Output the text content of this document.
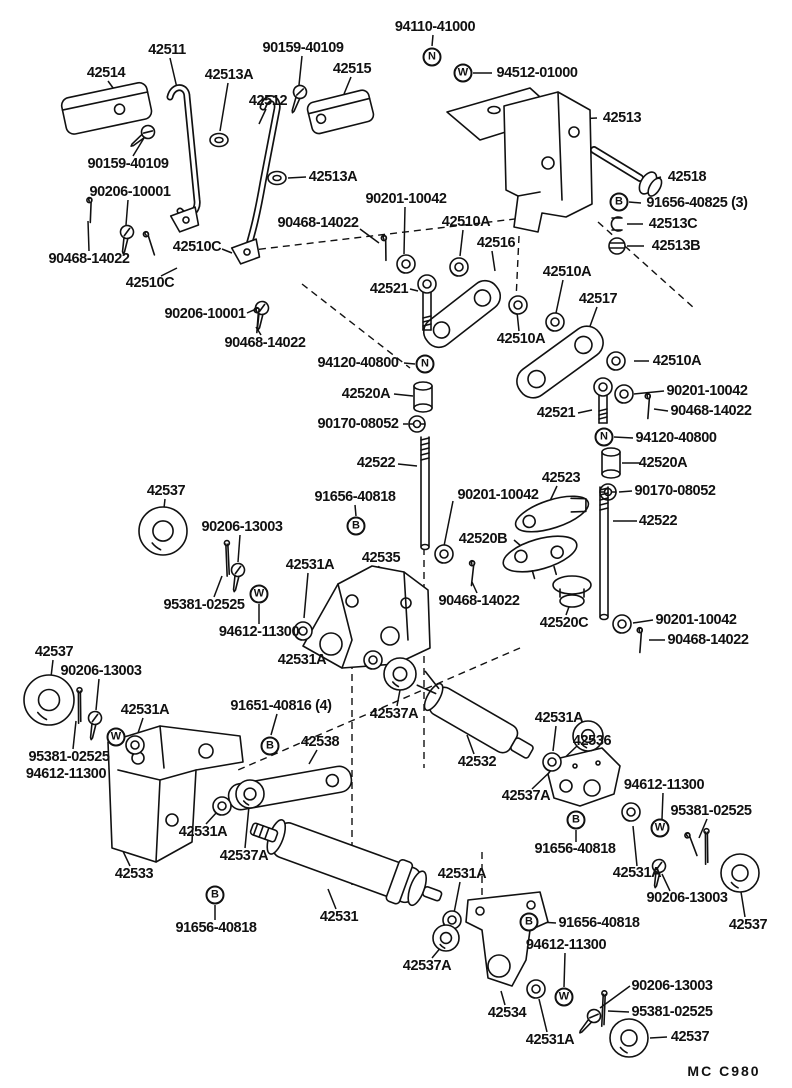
MC C980
94110-41000
42511	90159-40109
42514	42513A	42515
42512
94512-01000
42513
90159-40109
42518
90206-10001
91656-40825 (3)
90201-10042
42513A
42513C
90468-14022	42510A
42516	42513B
42510C
42510A
90468-14022
42510C	42521
42517
90206-10001
42510A
90468-14022
94120-40800	42510A
42520A	90201-10042
90468-14022
90170-08052
42521
94120-40800
42520A
42522
90170-08052
42537	91656-40818	90201-10042
42523
42522
90206-13003
42520B
42531A 42535
90468-14022
95381-02525
42520C	90201-10042
94612-11300	90468-14022
42537	42531A
90206-13003
91651-40816 (4)
42531A	42537A	42531A
42536
42538
95381-02525	42532
94612-11300
94612-11300
42537A
95381-02525
42531A
91656-40818
42537A
42531A	42531A
42533
91656-40818
42531
90206-13003
91656-40818	42537
94612-11300
42537A
90206-13003
95381-02525
42534
42537
42531A
N
W
B
N
N
B
W
W
B
B
W
B
B
W
